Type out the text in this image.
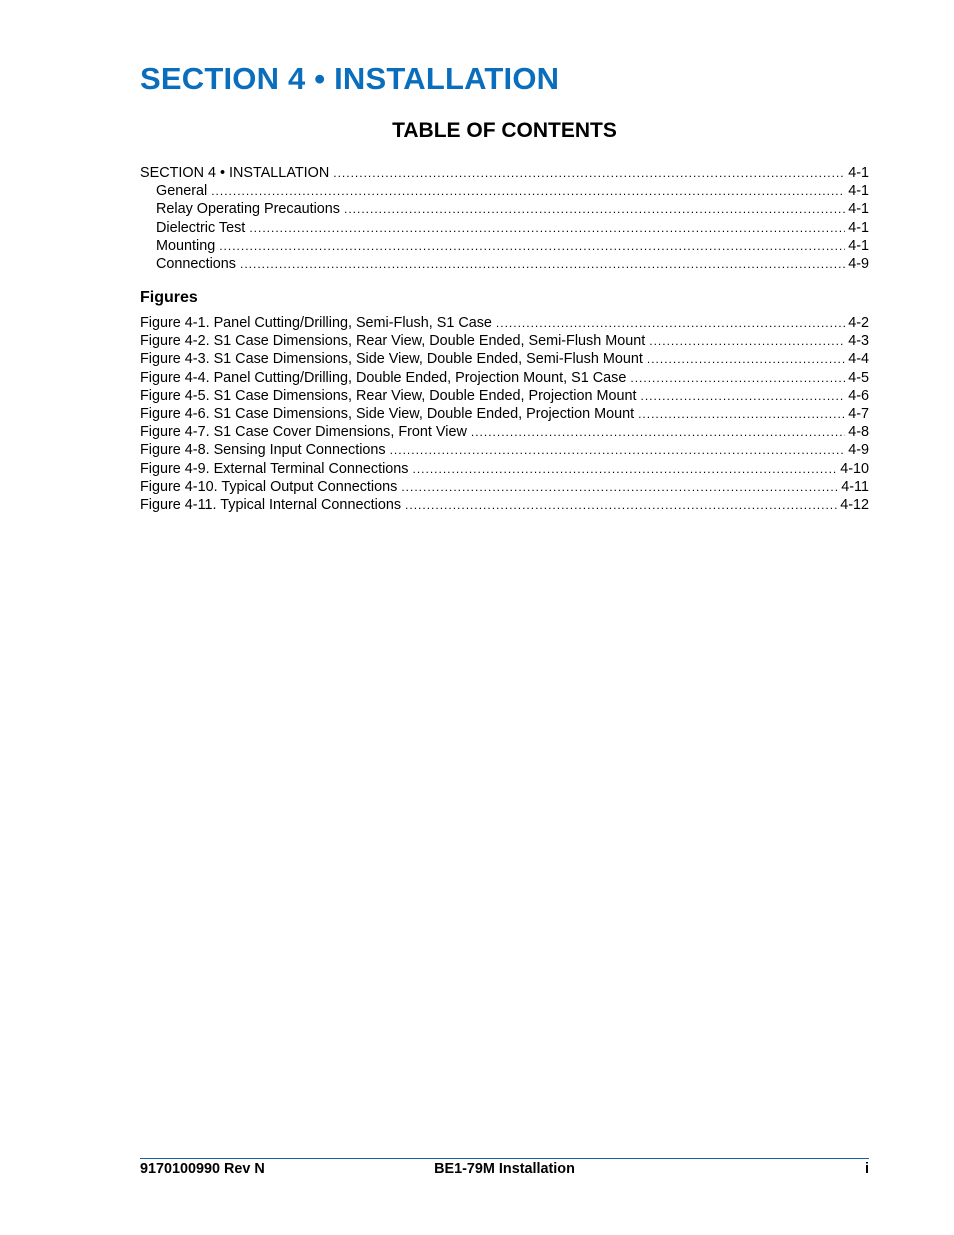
SECTION 4 • INSTALLATION
TABLE OF CONTENTS
SECTION 4 • INSTALLATION .....	4-1
General .....	4-1
Relay Operating Precautions .....	4-1
Dielectric Test .....	4-1
Mounting .....	4-1
Connections .....	4-9
Figures
Figure 4-1. Panel Cutting/Drilling, Semi-Flush, S1 Case .....	4-2
Figure 4-2. S1 Case Dimensions, Rear View, Double Ended, Semi-Flush Mount .....	4-3
Figure 4-3. S1 Case Dimensions, Side View, Double Ended, Semi-Flush Mount .....	4-4
Figure 4-4. Panel Cutting/Drilling, Double Ended, Projection Mount, S1 Case .....	4-5
Figure 4-5. S1 Case Dimensions, Rear View, Double Ended, Projection Mount .....	4-6
Figure 4-6. S1 Case Dimensions, Side View, Double Ended, Projection Mount .....	4-7
Figure 4-7. S1 Case Cover Dimensions, Front View .....	4-8
Figure 4-8. Sensing Input Connections .....	4-9
Figure 4-9. External Terminal Connections .....	4-10
Figure 4-10. Typical Output Connections .....	4-11
Figure 4-11. Typical Internal Connections .....	4-12
BE1-79M Installation
9170100990 Rev N	i
